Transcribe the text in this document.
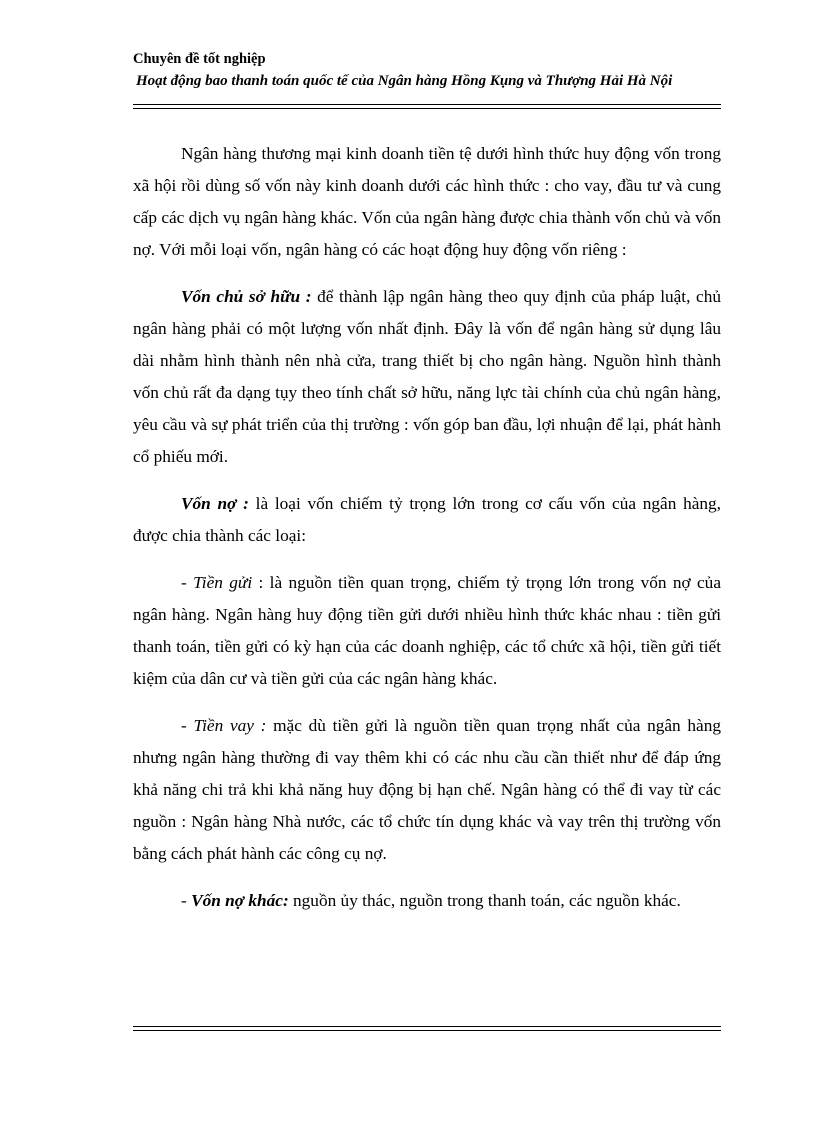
Chuyên đề tốt nghiệp
Hoạt động bao thanh toán quốc tế của Ngân hàng Hồng Kụng và Thượng Hải Hà Nội

Ngân hàng thương mại kinh doanh tiền tệ dưới hình thức huy động vốn trong xã hội rồi dùng số vốn này kinh doanh dưới các hình thức : cho vay, đầu tư và cung cấp các dịch vụ ngân hàng khác. Vốn của ngân hàng được chia thành vốn chủ và vốn nợ. Với mỗi loại vốn, ngân hàng có các hoạt động huy động vốn riêng :

Vốn chủ sở hữu : để thành lập ngân hàng theo quy định của pháp luật, chủ ngân hàng phải có một lượng vốn nhất định. Đây là vốn để ngân hàng sử dụng lâu dài nhằm hình thành nên nhà cửa, trang thiết bị cho ngân hàng. Nguồn hình thành vốn chủ rất đa dạng tụy theo tính chất sở hữu, năng lực tài chính của chủ ngân hàng, yêu cầu và sự phát triển của thị trường : vốn góp ban đầu, lợi nhuận để lại, phát hành cổ phiếu mới.

Vốn nợ : là loại vốn chiếm tỷ trọng lớn trong cơ cấu vốn của ngân hàng, được chia thành các loại:

- Tiền gửi : là nguồn tiền quan trọng, chiếm tỷ trọng lớn trong vốn nợ của ngân hàng. Ngân hàng huy động tiền gửi dưới nhiều hình thức khác nhau : tiền gửi thanh toán, tiền gửi có kỳ hạn của các doanh nghiệp, các tổ chức xã hội, tiền gửi tiết kiệm của dân cư và tiền gửi của các ngân hàng khác.

- Tiền vay : mặc dù tiền gửi là nguồn tiền quan trọng nhất của ngân hàng nhưng ngân hàng thường đi vay thêm khi có các nhu cầu cần thiết như để đáp ứng khả năng chi trả khi khả năng huy động bị hạn chế. Ngân hàng có thể đi vay từ các nguồn : Ngân hàng Nhà nước, các tổ chức tín dụng khác và vay trên thị trường vốn bằng cách phát hành các công cụ nợ.

- Vốn nợ khác: nguồn ủy thác, nguồn trong thanh toán, các nguồn khác.
